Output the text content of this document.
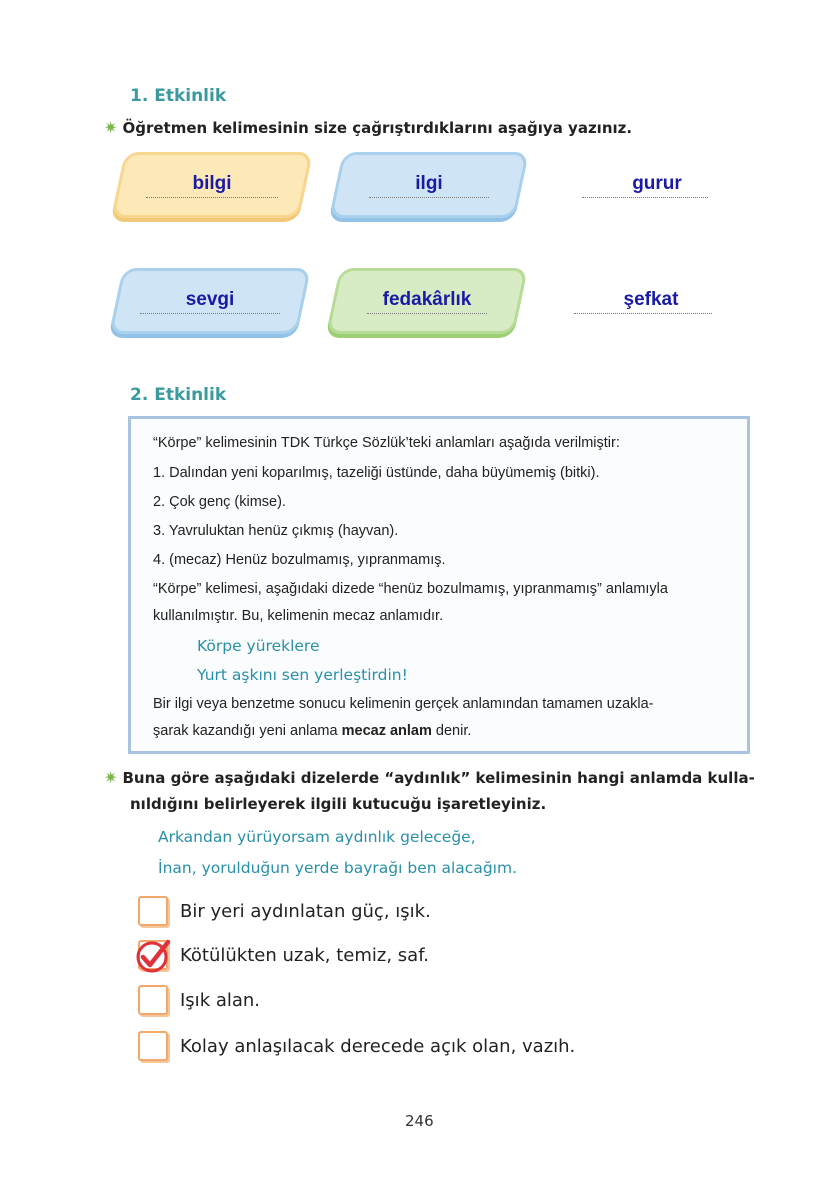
1. Etkinlik
✷ Öğretmen kelimesinin size çağrıştırdıklarını aşağıya yazınız.
bilgi	ilgi	gurur
sevgi	fedakârlık	şefkat
2. Etkinlik
“Körpe” kelimesinin TDK Türkçe Sözlük’teki anlamları aşağıda verilmiştir:
1. Dalından yeni koparılmış, tazeliği üstünde, daha büyümemiş (bitki).
2. Çok genç (kimse).
3. Yavruluktan henüz çıkmış (hayvan).
4. (mecaz) Henüz bozulmamış, yıpranmamış.
“Körpe” kelimesi, aşağıdaki dizede “henüz bozulmamış, yıpranmamış” anlamıyla
kullanılmıştır. Bu, kelimenin mecaz anlamıdır.
Körpe yüreklere
Yurt aşkını sen yerleştirdin!
Bir ilgi veya benzetme sonucu kelimenin gerçek anlamından tamamen uzakla-
şarak kazandığı yeni anlama mecaz anlam denir.
✷ Buna göre aşağıdaki dizelerde “aydınlık” kelimesinin hangi anlamda kulla-
nıldığını belirleyerek ilgili kutucuğu işaretleyiniz.
Arkandan yürüyorsam aydınlık geleceğe,
İnan, yorulduğun yerde bayrağı ben alacağım.
Bir yeri aydınlatan güç, ışık.
Kötülükten uzak, temiz, saf.
Işık alan.
Kolay anlaşılacak derecede açık olan, vazıh.
246
